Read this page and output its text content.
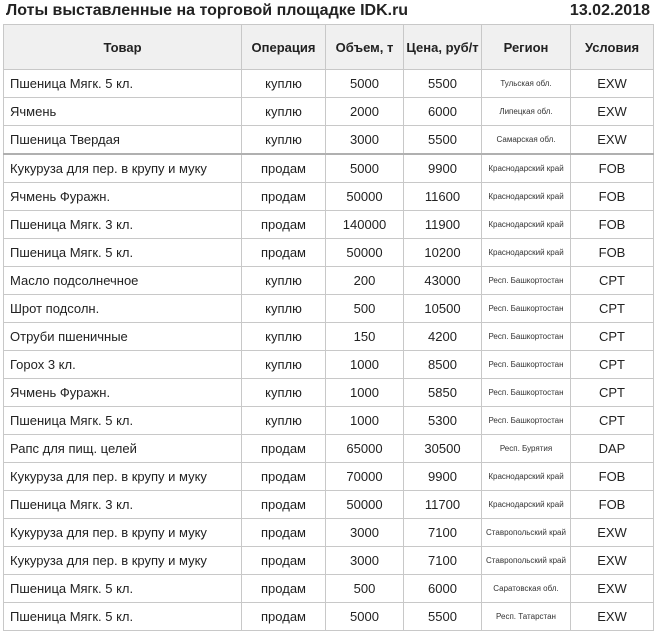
Лоты выставленные на торговой площадке IDK.ru	13.02.2018
Товар	Операция	Объем, т	Цена, руб/т	Регион	Условия
Пшеница Мягк. 5 кл.	куплю	5000	5500	Тульская обл.	EXW
Ячмень	куплю	2000	6000	Липецкая обл.	EXW
Пшеница Твердая	куплю	3000	5500	Самарская обл.	EXW
Кукуруза для пер. в крупу и муку	продам	5000	9900	Краснодарский край	FOB
Ячмень Фуражн.	продам	50000	11600	Краснодарский край	FOB
Пшеница Мягк. 3 кл.	продам	140000	11900	Краснодарский край	FOB
Пшеница Мягк. 5 кл.	продам	50000	10200	Краснодарский край	FOB
Масло подсолнечное	куплю	200	43000	Респ. Башкортостан	CPT
Шрот подсолн.	куплю	500	10500	Респ. Башкортостан	CPT
Отруби пшеничные	куплю	150	4200	Респ. Башкортостан	CPT
Горох 3 кл.	куплю	1000	8500	Респ. Башкортостан	CPT
Ячмень Фуражн.	куплю	1000	5850	Респ. Башкортостан	CPT
Пшеница Мягк. 5 кл.	куплю	1000	5300	Респ. Башкортостан	CPT
Рапс для пищ. целей	продам	65000	30500	Респ. Бурятия	DAP
Кукуруза для пер. в крупу и муку	продам	70000	9900	Краснодарский край	FOB
Пшеница Мягк. 3 кл.	продам	50000	11700	Краснодарский край	FOB
Кукуруза для пер. в крупу и муку	продам	3000	7100	Ставропольский край	EXW
Кукуруза для пер. в крупу и муку	продам	3000	7100	Ставропольский край	EXW
Пшеница Мягк. 5 кл.	продам	500	6000	Саратовская обл.	EXW
Пшеница Мягк. 5 кл.	продам	5000	5500	Респ. Татарстан	EXW
